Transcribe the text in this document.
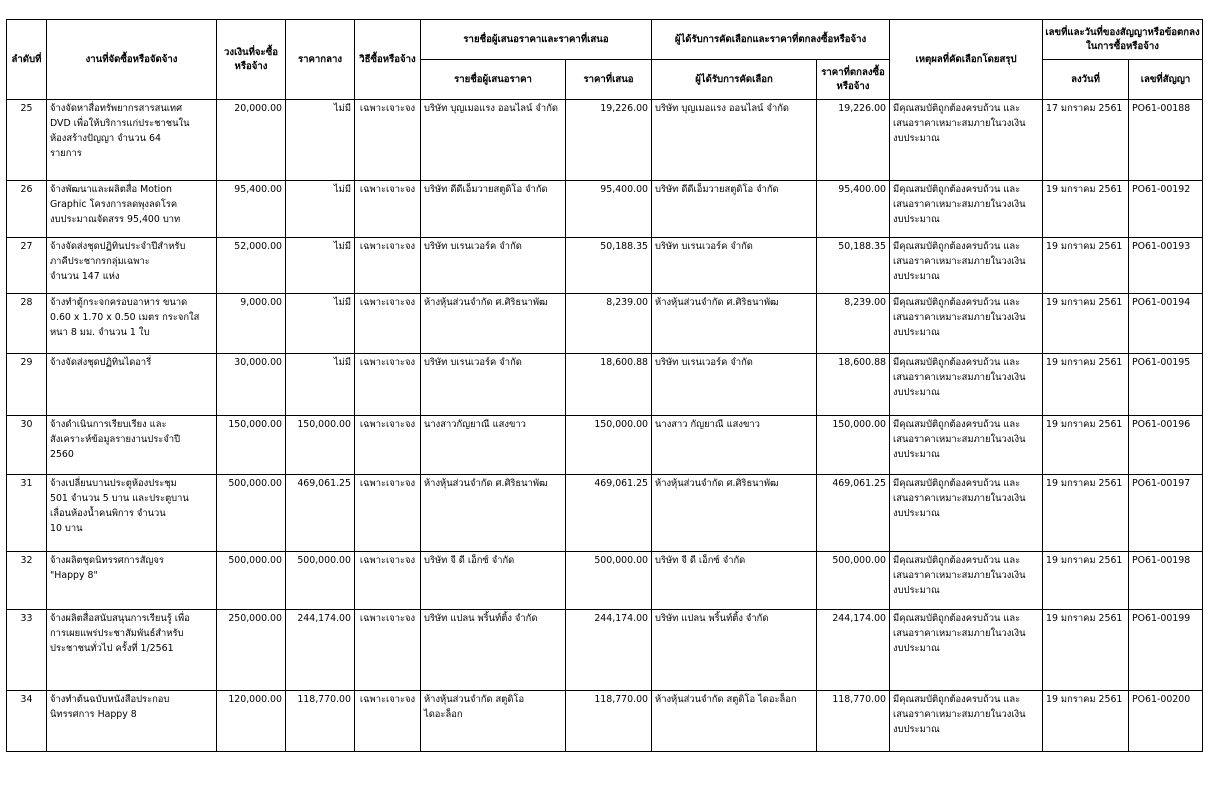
ลำดับที่	งานที่จัดซื้อหรือจัดจ้าง	วงเงินที่จะซื้อหรือจ้าง	ราคากลาง	วิธีซื้อหรือจ้าง	รายชื่อผู้เสนอราคาและราคาที่เสนอ		ผู้ได้รับการคัดเลือกและราคาที่ตกลงซื้อหรือจ้าง		เหตุผลที่คัดเลือกโดยสรุป	เลขที่และวันที่ของสัญญาหรือข้อตกลงในการซื้อหรือจ้าง	
					รายชื่อผู้เสนอราคา	ราคาที่เสนอ	ผู้ได้รับการคัดเลือก	ราคาที่ตกลงซื้อหรือจ้าง		ลงวันที่	เลขที่สัญญา
25	จ้างจัดหาสื่อทรัพยากรสารสนเทศ
DVD เพื่อให้บริการแก่ประชาชนใน
ห้องสร้างปัญญา จำนวน 64
รายการ	20,000.00	ไม่มี	เฉพาะเจาะจง	บริษัท บุญเมอแรง ออนไลน์ จำกัด	19,226.00	บริษัท บุญเมอแรง ออนไลน์ จำกัด	19,226.00	มีคุณสมบัติถูกต้องครบถ้วน และ
เสนอราคาเหมาะสมภายในวงเงิน
งบประมาณ	17 มกราคม 2561	PO61-00188
26	จ้างพัฒนาและผลิตสื่อ Motion
Graphic โครงการลดพุงลดโรค
งบประมาณจัดสรร 95,400 บาท	95,400.00	ไม่มี	เฉพาะเจาะจง	บริษัท ดีดีเอ็มวายสตูดิโอ จำกัด	95,400.00	บริษัท ดีดีเอ็มวายสตูดิโอ จำกัด	95,400.00	มีคุณสมบัติถูกต้องครบถ้วน และ
เสนอราคาเหมาะสมภายในวงเงิน
งบประมาณ	19 มกราคม 2561	PO61-00192
27	จ้างจัดส่งชุดปฏิทินประจำปีสำหรับ
ภาคีประชากรกลุ่มเฉพาะ
จำนวน 147 แห่ง	52,000.00	ไม่มี	เฉพาะเจาะจง	บริษัท บเรนเวอร์ค จำกัด	50,188.35	บริษัท บเรนเวอร์ค จำกัด	50,188.35	มีคุณสมบัติถูกต้องครบถ้วน และ
เสนอราคาเหมาะสมภายในวงเงิน
งบประมาณ	19 มกราคม 2561	PO61-00193
28	จ้างทำตู้กระจกครอบอาหาร ขนาด
0.60 x 1.70 x 0.50 เมตร กระจกใส
หนา 8 มม. จำนวน 1 ใบ	9,000.00	ไม่มี	เฉพาะเจาะจง	ห้างหุ้นส่วนจำกัด ศ.ศิริธนาพัฒ	8,239.00	ห้างหุ้นส่วนจำกัด ศ.ศิริธนาพัฒ	8,239.00	มีคุณสมบัติถูกต้องครบถ้วน และ
เสนอราคาเหมาะสมภายในวงเงิน
งบประมาณ	19 มกราคม 2561	PO61-00194
29	จ้างจัดส่งชุดปฏิทินไดอารี่	30,000.00	ไม่มี	เฉพาะเจาะจง	บริษัท บเรนเวอร์ค จำกัด	18,600.88	บริษัท บเรนเวอร์ค จำกัด	18,600.88	มีคุณสมบัติถูกต้องครบถ้วน และ
เสนอราคาเหมาะสมภายในวงเงิน
งบประมาณ	19 มกราคม 2561	PO61-00195
30	จ้างดำเนินการเรียบเรียง และ
สังเคราะห์ข้อมูลรายงานประจำปี
2560	150,000.00	150,000.00	เฉพาะเจาะจง	นางสาวกัญยาณี แสงขาว	150,000.00	นางสาว กัญยาณี แสงขาว	150,000.00	มีคุณสมบัติถูกต้องครบถ้วน และ
เสนอราคาเหมาะสมภายในวงเงิน
งบประมาณ	19 มกราคม 2561	PO61-00196
31	จ้างเปลี่ยนบานประตูห้องประชุม
501 จำนวน 5 บาน และประตูบาน
เลื่อนห้องน้ำคนพิการ จำนวน
10 บาน	500,000.00	469,061.25	เฉพาะเจาะจง	ห้างหุ้นส่วนจำกัด ศ.ศิริธนาพัฒ	469,061.25	ห้างหุ้นส่วนจำกัด ศ.ศิริธนาพัฒ	469,061.25	มีคุณสมบัติถูกต้องครบถ้วน และ
เสนอราคาเหมาะสมภายในวงเงิน
งบประมาณ	19 มกราคม 2561	PO61-00197
32	จ้างผลิตชุดนิทรรศการสัญจร
"Happy 8"	500,000.00	500,000.00	เฉพาะเจาะจง	บริษัท จี ดี เอ็กซ์ จำกัด	500,000.00	บริษัท จี ดี เอ็กซ์ จำกัด	500,000.00	มีคุณสมบัติถูกต้องครบถ้วน และ
เสนอราคาเหมาะสมภายในวงเงิน
งบประมาณ	19 มกราคม 2561	PO61-00198
33	จ้างผลิตสื่อสนับสนุนการเรียนรู้ เพื่อ
การเผยแพร่ประชาสัมพันธ์สำหรับ
ประชาชนทั่วไป ครั้งที่ 1/2561	250,000.00	244,174.00	เฉพาะเจาะจง	บริษัท แปลน พริ้นท์ติ้ง จำกัด	244,174.00	บริษัท แปลน พริ้นท์ติ้ง จำกัด	244,174.00	มีคุณสมบัติถูกต้องครบถ้วน และ
เสนอราคาเหมาะสมภายในวงเงิน
งบประมาณ	19 มกราคม 2561	PO61-00199
34	จ้างทำต้นฉบับหนังสือประกอบ
นิทรรศการ Happy 8	120,000.00	118,770.00	เฉพาะเจาะจง	ห้างหุ้นส่วนจำกัด สตูดิโอ ไดอะล็อก	118,770.00	ห้างหุ้นส่วนจำกัด สตูดิโอ ไดอะล็อก	118,770.00	มีคุณสมบัติถูกต้องครบถ้วน และ
เสนอราคาเหมาะสมภายในวงเงิน
งบประมาณ	19 มกราคม 2561	PO61-00200
